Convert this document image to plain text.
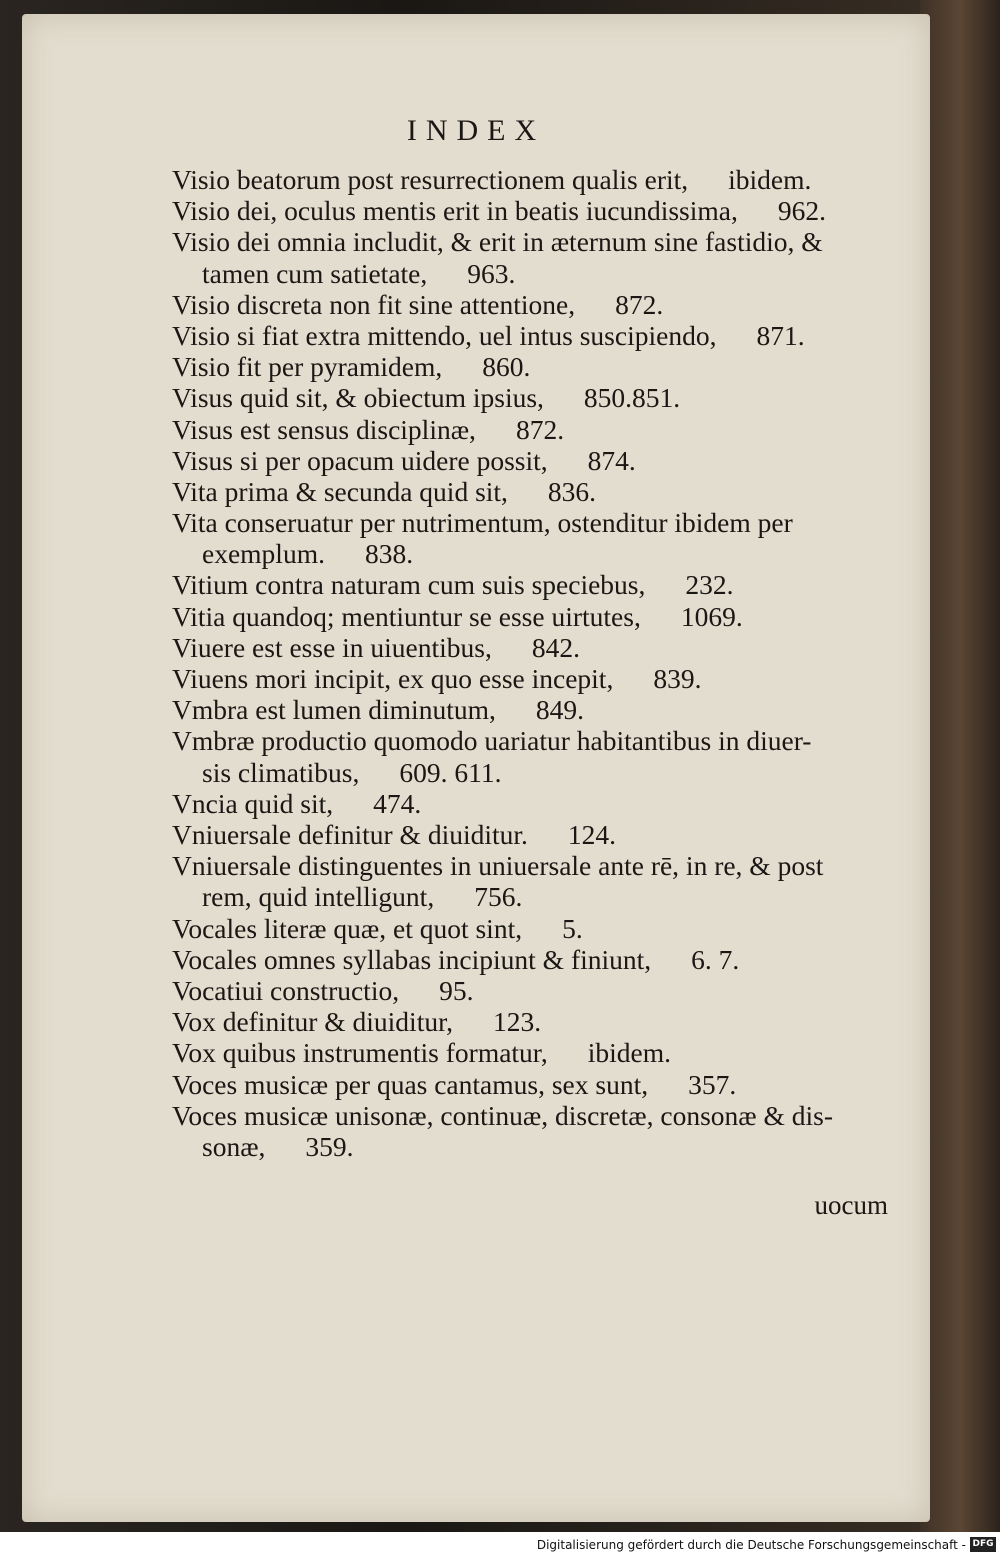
INDEX
Visio beatorum post resurrectionem qualis erit, ibidem.
Visio dei, oculus mentis erit in beatis iucundissima, 962.
Visio dei omnia includit, & erit in æternum sine fastidio, &
tamen cum satietate, 963.
Visio discreta non fit sine attentione, 872.
Visio si fiat extra mittendo, uel intus suscipiendo, 871.
Visio fit per pyramidem, 860.
Visus quid sit, & obiectum ipsius, 850.851.
Visus est sensus disciplinæ, 872.
Visus si per opacum uidere possit, 874.
Vita prima & secunda quid sit, 836.
Vita conseruatur per nutrimentum, ostenditur ibidem per
exemplum. 838.
Vitium contra naturam cum suis speciebus, 232.
Vitia quandoq; mentiuntur se esse uirtutes, 1069.
Viuere est esse in uiuentibus, 842.
Viuens mori incipit, ex quo esse incepit, 839.
Vmbra est lumen diminutum, 849.
Vmbræ productio quomodo uariatur habitantibus in diuer-
sis climatibus, 609. 611.
Vncia quid sit, 474.
Vniuersale definitur & diuiditur. 124.
Vniuersale distinguentes in uniuersale ante rē, in re, & post
rem, quid intelligunt, 756.
Vocales literæ quæ, et quot sint, 5.
Vocales omnes syllabas incipiunt & finiunt, 6. 7.
Vocatiui constructio, 95.
Vox definitur & diuiditur, 123.
Vox quibus instrumentis formatur, ibidem.
Voces musicæ per quas cantamus, sex sunt, 357.
Voces musicæ unisonæ, continuæ, discretæ, consonæ & dis-
sonæ, 359.
uocum
Digitalisierung gefördert durch die Deutsche Forschungsgemeinschaft - DFG
